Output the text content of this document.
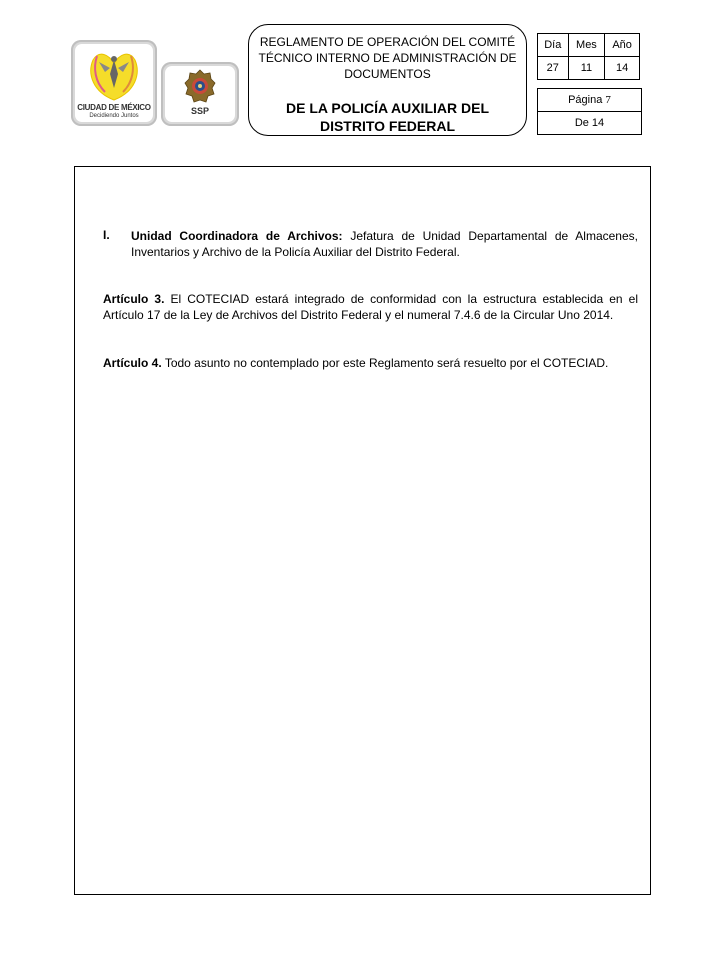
CIUDAD DE MÉXICO
Decidiendo Juntos	SSP
REGLAMENTO DE OPERACIÓN DEL COMITÉ TÉCNICO INTERNO DE ADMINISTRACIÓN DE DOCUMENTOS
DE LA POLICÍA AUXILIAR DEL DISTRITO FEDERAL
Día	Mes	Año
27	11	14
Página 7
De 14
I. Unidad Coordinadora de Archivos: Jefatura de Unidad Departamental de Almacenes, Inventarios y Archivo de la Policía Auxiliar del Distrito Federal.
Artículo 3. El COTECIAD estará integrado de conformidad con la estructura establecida en el Artículo 17 de la Ley de Archivos del Distrito Federal y el numeral 7.4.6 de la Circular Uno 2014.
Artículo 4. Todo asunto no contemplado por este Reglamento será resuelto por el COTECIAD.
